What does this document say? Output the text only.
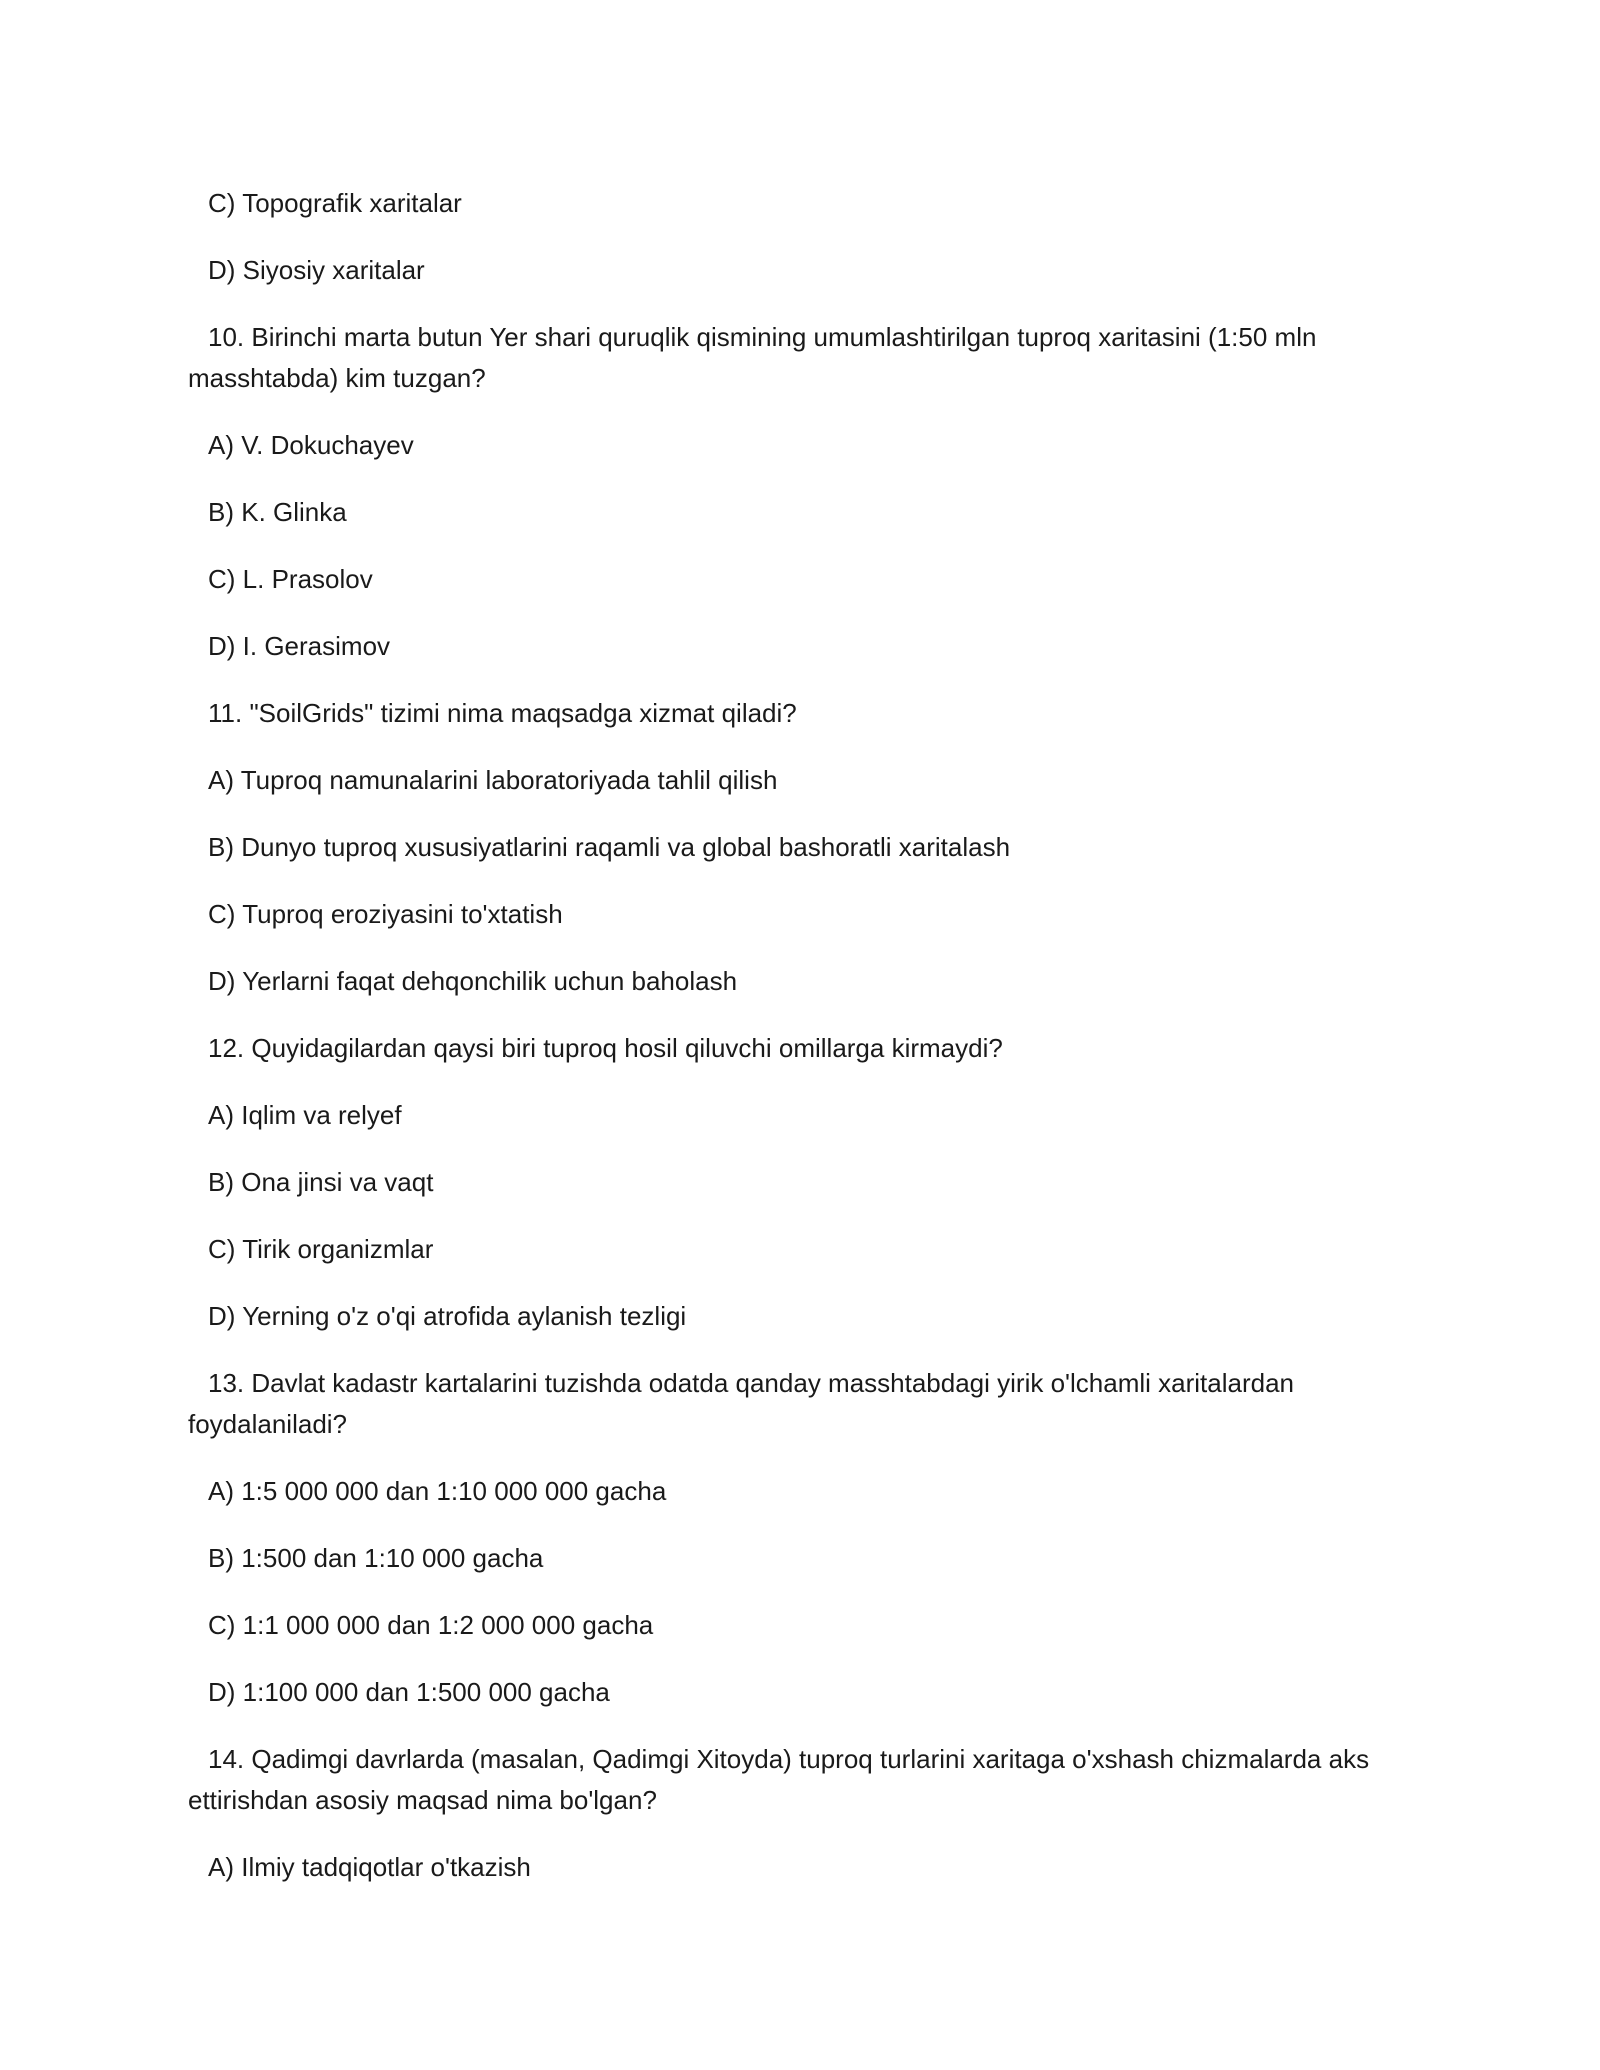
C) Topografik xaritalar
D) Siyosiy xaritalar
10. Birinchi marta butun Yer shari quruqlik qismining umumlashtirilgan tuproq xaritasini (1:50 mln masshtabda) kim tuzgan?
A) V. Dokuchayev
B) K. Glinka
C) L. Prasolov
D) I. Gerasimov
11. "SoilGrids" tizimi nima maqsadga xizmat qiladi?
A) Tuproq namunalarini laboratoriyada tahlil qilish
B) Dunyo tuproq xususiyatlarini raqamli va global bashoratli xaritalash
C) Tuproq eroziyasini to'xtatish
D) Yerlarni faqat dehqonchilik uchun baholash
12. Quyidagilardan qaysi biri tuproq hosil qiluvchi omillarga kirmaydi?
A) Iqlim va relyef
B) Ona jinsi va vaqt
C) Tirik organizmlar
D) Yerning o'z o'qi atrofida aylanish tezligi
13. Davlat kadastr kartalarini tuzishda odatda qanday masshtabdagi yirik o'lchamli xaritalardan foydalaniladi?
A) 1:5 000 000 dan 1:10 000 000 gacha
B) 1:500 dan 1:10 000 gacha
C) 1:1 000 000 dan 1:2 000 000 gacha
D) 1:100 000 dan 1:500 000 gacha
14. Qadimgi davrlarda (masalan, Qadimgi Xitoyda) tuproq turlarini xaritaga o'xshash chizmalarda aks ettirishdan asosiy maqsad nima bo'lgan?
A) Ilmiy tadqiqotlar o'tkazish
